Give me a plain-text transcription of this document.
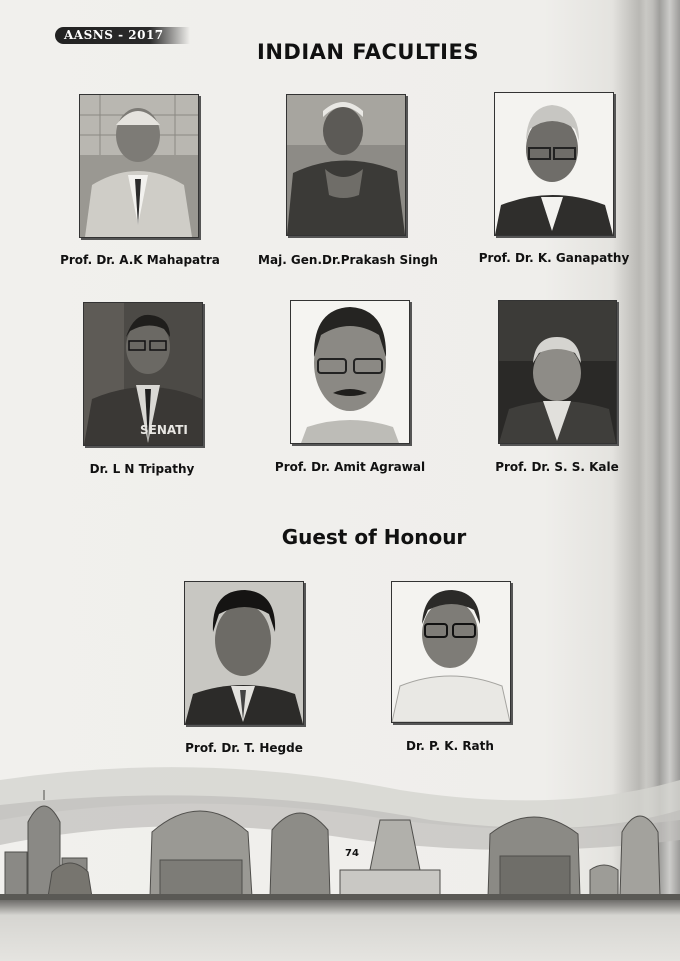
AASNS - 2017
INDIAN FACULTIES
Prof. Dr. A.K Mahapatra	Maj. Gen.Dr.Prakash Singh	Prof. Dr. K. Ganapathy
SENATI
Dr. L N Tripathy	Prof. Dr. Amit Agrawal	Prof. Dr. S. S. Kale
Guest of Honour
Prof. Dr. T. Hegde	Dr. P. K. Rath
74
